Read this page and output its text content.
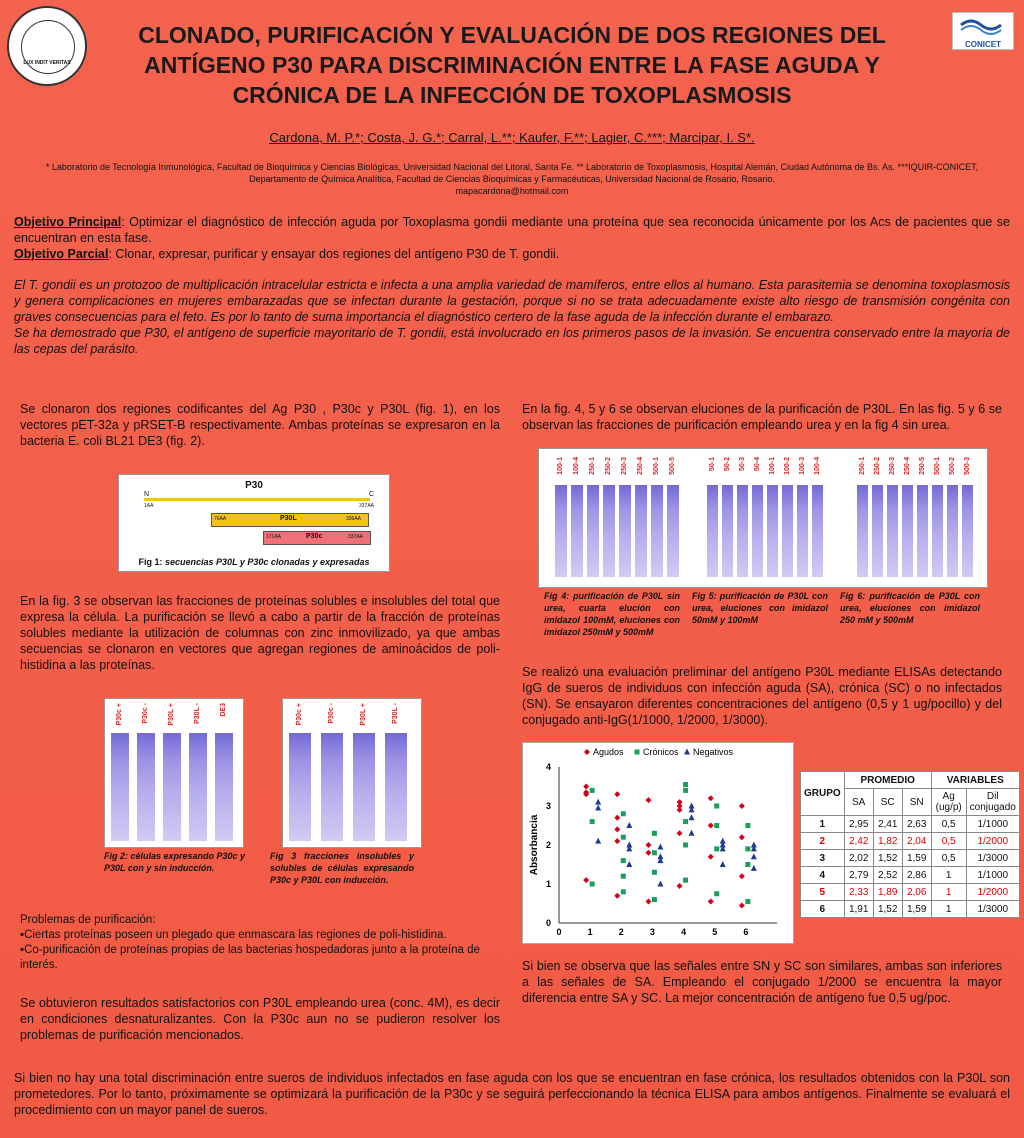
LUX INDIT VERITAS
CONICET
CLONADO, PURIFICACIÓN Y EVALUACIÓN DE DOS REGIONES DEL ANTÍGENO P30 PARA DISCRIMINACIÓN ENTRE LA FASE AGUDA Y CRÓNICA DE LA INFECCIÓN DE TOXOPLASMOSIS
Cardona, M. P.*; Costa, J. G.*; Carral, L.**; Kaufer, F.**; Lagier, C.***; Marcipar, I. S*.
* Laboratorio de Tecnología Inmunológica, Facultad de Bioquímica y Ciencias Biológicas, Universidad Nacional del Litoral, Santa Fe. ** Laboratorio de Toxoplasmosis, Hospital Alemán, Ciudad Autónoma de Bs. As. ***IQUIR-CONICET, Departamento de Química Analítica, Facultad de Ciencias Bioquímicas y Farmacéuticas, Universidad Nacional de Rosario, Rosario.
mapacardona@hotmail.com
Objetivo Principal: Optimizar el diagnóstico de infección aguda por Toxoplasma gondii mediante una proteína que sea reconocida únicamente por los Acs de pacientes que se encuentran en esta fase.
Objetivo Parcial: Clonar, expresar, purificar y ensayar dos regiones del antígeno P30 de T. gondii.
El T. gondii es un protozoo de multiplicación intracelular estricta e infecta a una amplia variedad de mamíferos, entre ellos al humano. Esta parasitemia se denomina toxoplasmosis y genera complicaciones en mujeres embarazadas que se infectan durante la gestación, porque si no se trata adecuadamente existe alto riesgo de transmisión congénita con graves consecuencias para el feto. Es por lo tanto de suma importancia el diagnóstico certero de la fase aguda de la infección durante el embarazo.
Se ha demostrado que P30, el antígeno de superficie mayoritario de T. gondii, está involucrado en los primeros pasos de la invasión. Se encuentra conservado entre la mayoría de las cepas del parásito.
Se clonaron dos regiones codificantes del Ag P30 , P30c y P30L (fig. 1), en los vectores pET-32a y pRSET-B respectivamente. Ambas proteínas se expresaron en la bacteria E. coli BL21 DE3 (fig. 2).
P30
N	C
1AA	337AA
76AA	P30L	336AA
171AA	P30c	337AA
Fig 1: secuencias P30L y P30c clonadas y expresadas
En la fig. 3 se observan las fracciones de proteínas solubles e insolubles del total que expresa la célula. La purificación se llevó a cabo a partir de la fracción de proteínas solubles mediante la utilización de columnas con zinc inmovilizado, ya que ambas secuencias se clonaron en vectores que agregan regiones de aminoácidos de poli-histidina a las proteínas.
P30c +	P30c -	P30L +	P30L -	DE3	P30c +	P30c -	P30L +	P30L -
Fig 2: células expresando P30c y P30L con y sin inducción.
Fig 3 fracciones insolubles y solubles de células expresando P30c y P30L con inducción.
Problemas de purificación:
▪Ciertas proteínas poseen un plegado que enmascara las regiones de poli-histidina.
▪Co-purificación de proteínas propias de las bacterias hospedadoras junto a la proteína de interés.
Se obtuvieron resultados satisfactorios con P30L empleando urea (conc. 4M), es decir en condiciones desnaturalizantes. Con la P30c aun no se pudieron resolver los problemas de purificación mencionados.
En la fig. 4, 5 y 6 se observan eluciones de la purificación de P30L. En las fig. 5 y 6 se observan las fracciones de purificación empleando urea y en la fig 4 sin urea.
100-1 100-4 250-1 250-2 250-3 250-4 500-1 500-5	50-1 50-2 50-3 50-4 100-1 100-2 100-3 100-4	250-1 250-2 250-3 250-4 250-5 500-1 500-2 500-3
Fig 4: purificación de P30L sin urea, cuarta elución con imidazol 100mM, eluciones con imidazol 250mM y 500mM
Fig 5: purificación de P30L con urea, eluciones con imidazol 50mM y 100mM
Fig 6: purificación de P30L con urea, eluciones con imidazol 250 mM y 500mM
Se realizó una evaluación preliminar del antígeno P30L mediante ELISAs detectando IgG de sueros de individuos con infección aguda (SA), crónica (SC) o no infectados (SN). Se ensayaron diferentes concentraciones del antígeno (0,5 y 1 ug/pocillo) y del conjugado anti-IgG(1/1000, 1/2000, 1/3000).
0
1
2
3
4
0	1	2	3	4	5	6
Absorbancia
Agudos Crónicos Negativos
GRUPO	PROMEDIO			VARIABLES	
	SA	SC	SN	Ag (ug/p)	Dil conjugado
1	2,95	2,41	2,63	0,5	1/1000
2	2,42	1,82	2,04	0,5	1/2000
3	2,02	1,52	1,59	0,5	1/3000
4	2,79	2,52	2,86	1	1/1000
5	2,33	1,89	2,06	1	1/2000
6	1,91	1,52	1,59	1	1/3000
Si bien se observa que las señales entre SN y SC son similares, ambas son inferiores a las señales de SA. Empleando el conjugado 1/2000 se encuentra la mayor diferencia entre SA y SC. La mejor concentración de antígeno fue 0,5 ug/poc.
Si bien no hay una total discriminación entre sueros de individuos infectados en fase aguda con los que se encuentran en fase crónica, los resultados obtenidos con la P30L son prometedores. Por lo tanto, próximamente se optimizará la purificación de la P30c y se seguirá perfeccionando la técnica ELISA para ambos antígenos. Finalmente se evaluará el procedimiento con un mayor panel de sueros.
